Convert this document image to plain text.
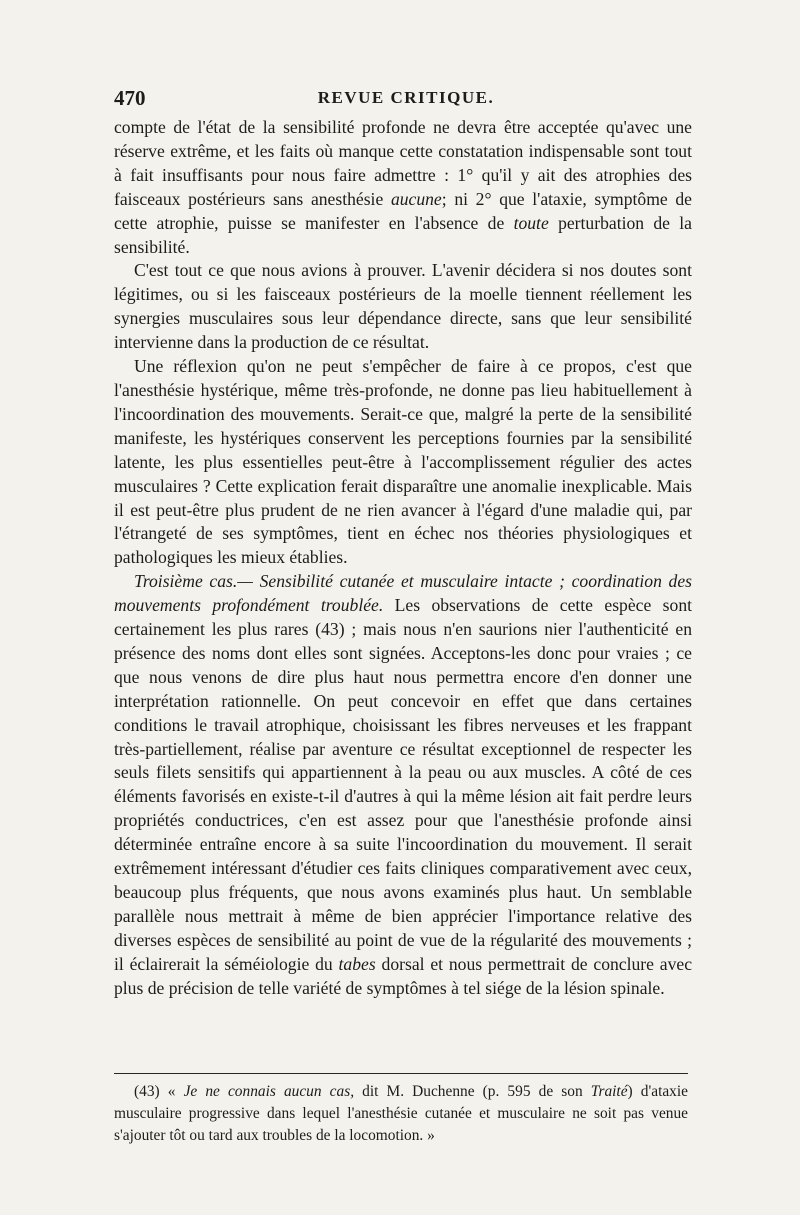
470	REVUE CRITIQUE.

compte de l'état de la sensibilité profonde ne devra être acceptée qu'avec une réserve extrême, et les faits où manque cette constatation indispensable sont tout à fait insuffisants pour nous faire admettre : 1° qu'il y ait des atrophies des faisceaux postérieurs sans anesthésie aucune; ni 2° que l'ataxie, symptôme de cette atrophie, puisse se manifester en l'absence de toute perturbation de la sensibilité.

C'est tout ce que nous avions à prouver. L'avenir décidera si nos doutes sont légitimes, ou si les faisceaux postérieurs de la moelle tiennent réellement les synergies musculaires sous leur dépendance directe, sans que leur sensibilité intervienne dans la production de ce résultat.

Une réflexion qu'on ne peut s'empêcher de faire à ce propos, c'est que l'anesthésie hystérique, même très-profonde, ne donne pas lieu habituellement à l'incoordination des mouvements. Serait-ce que, malgré la perte de la sensibilité manifeste, les hystériques conservent les perceptions fournies par la sensibilité latente, les plus essentielles peut-être à l'accomplissement régulier des actes musculaires ? Cette explication ferait disparaître une anomalie inexplicable. Mais il est peut-être plus prudent de ne rien avancer à l'égard d'une maladie qui, par l'étrangeté de ses symptômes, tient en échec nos théories physiologiques et pathologiques les mieux établies.

Troisième cas.— Sensibilité cutanée et musculaire intacte ; coordination des mouvements profondément troublée. Les observations de cette espèce sont certainement les plus rares (43) ; mais nous n'en saurions nier l'authenticité en présence des noms dont elles sont signées. Acceptons-les donc pour vraies ; ce que nous venons de dire plus haut nous permettra encore d'en donner une interprétation rationnelle. On peut concevoir en effet que dans certaines conditions le travail atrophique, choisissant les fibres nerveuses et les frappant très-partiellement, réalise par aventure ce résultat exceptionnel de respecter les seuls filets sensitifs qui appartiennent à la peau ou aux muscles. A côté de ces éléments favorisés en existe-t-il d'autres à qui la même lésion ait fait perdre leurs propriétés conductrices, c'en est assez pour que l'anesthésie profonde ainsi déterminée entraîne encore à sa suite l'incoordination du mouvement. Il serait extrêmement intéressant d'étudier ces faits cliniques comparativement avec ceux, beaucoup plus fréquents, que nous avons examinés plus haut. Un semblable parallèle nous mettrait à même de bien apprécier l'importance relative des diverses espèces de sensibilité au point de vue de la régularité des mouvements ; il éclairerait la séméiologie du tabes dorsal et nous permettrait de conclure avec plus de précision de telle variété de symptômes à tel siége de la lésion spinale.

(43) « Je ne connais aucun cas, dit M. Duchenne (p. 595 de son Traité) d'ataxie musculaire progressive dans lequel l'anesthésie cutanée et musculaire ne soit pas venue s'ajouter tôt ou tard aux troubles de la locomotion. »
